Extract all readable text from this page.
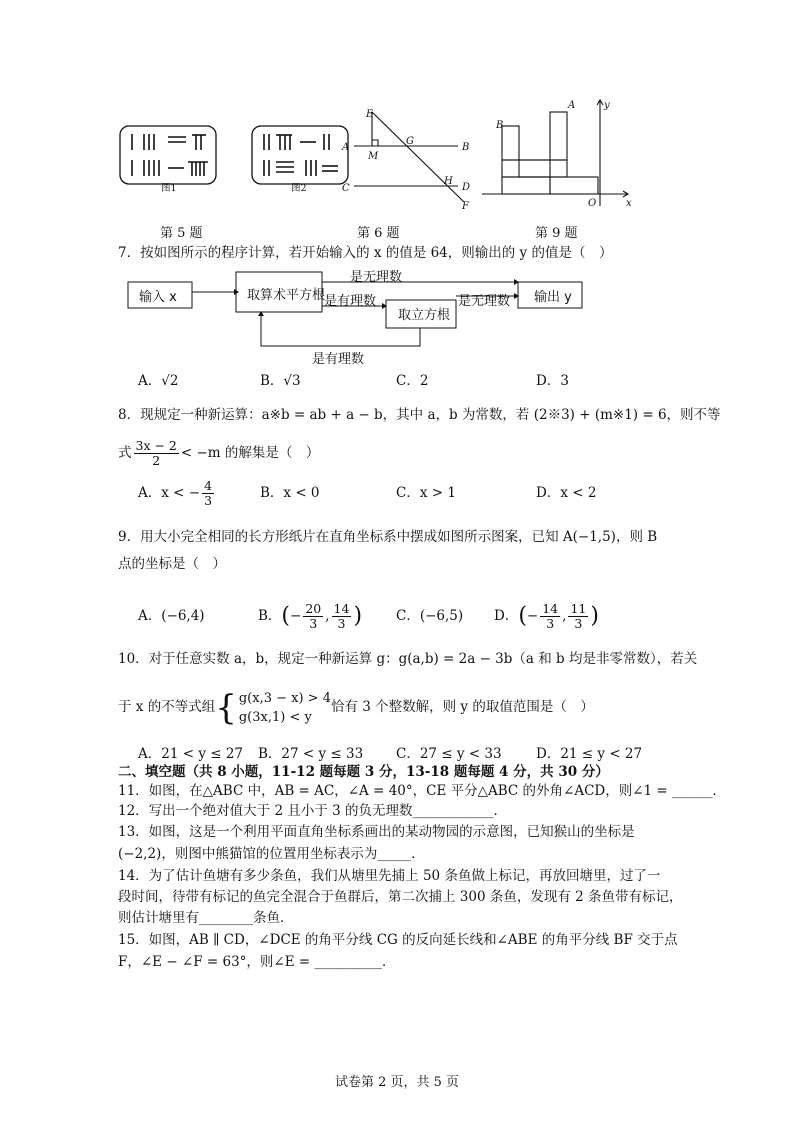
图1	图2
E
A
M
G
B
C
H
D
F
B
A	y
O	x
第 5 题	第 6 题	第 9 题
7．按如图所示的程序计算，若开始输入的 x 的值是 64，则输出的 y 的值是（　）
输入 x	取算术平方根
取立方根
输出 y
是无理数
是有理数	是无理数
是有理数
A．√2	B．√3	C．2	D．3
8．现规定一种新运算：a※b = ab + a − b，其中 a，b 为常数，若 (2※3) + (m※1) = 6，则不等
式 $\frac{3x - 2}{2} < -m$ 的解集是（　）
A．x < − $\frac{4}{3}$	B．x < 0	C．x > 1	D．x < 2
9．用大小完全相同的长方形纸片在直角坐标系中摆成如图所示图案，已知 A(−1,5)，则 B
点的坐标是（　）
A．(−6,4)	B．(− $\frac{20}{3}$ , $\frac{14}{3}$ )	C．(−6,5) D．(− $\frac{14}{3}$ , $\frac{11}{3}$ )
10．对于任意实数 a，b，规定一种新运算 g：g(a,b) = 2a − 3b（a 和 b 均是非零常数），若关
于 x 的不等式组 { g(x,3 − x) > 4
g(3x,1) < y
恰有 3 个整数解，则 y 的取值范围是（　）
A．21 < y ≤ 27 B．27 < y ≤ 33 C．27 ≤ y < 33	D．21 ≤ y < 27
二、填空题（共 8 小题，11-12 题每题 3 分，13-18 题每题 4 分，共 30 分）
11．如图，在△ABC 中，AB = AC，∠A = 40°，CE 平分△ABC 的外角∠ACD，则∠1 = ______．
12．写出一个绝对值大于 2 且小于 3 的负无理数____________．
13．如图，这是一个利用平面直角坐标系画出的某动物园的示意图，已知猴山的坐标是
(−2,2)，则图中熊猫馆的位置用坐标表示为_____．
14．为了估计鱼塘有多少条鱼，我们从塘里先捕上 50 条鱼做上标记，再放回塘里，过了一
段时间，待带有标记的鱼完全混合于鱼群后，第二次捕上 300 条鱼，发现有 2 条鱼带有标记，
则估计塘里有________条鱼．
15．如图，AB ∥ CD，∠DCE 的角平分线 CG 的反向延长线和∠ABE 的角平分线 BF 交于点
F，∠E − ∠F = 63°，则∠E = __________．
试卷第 2 页，共 5 页
